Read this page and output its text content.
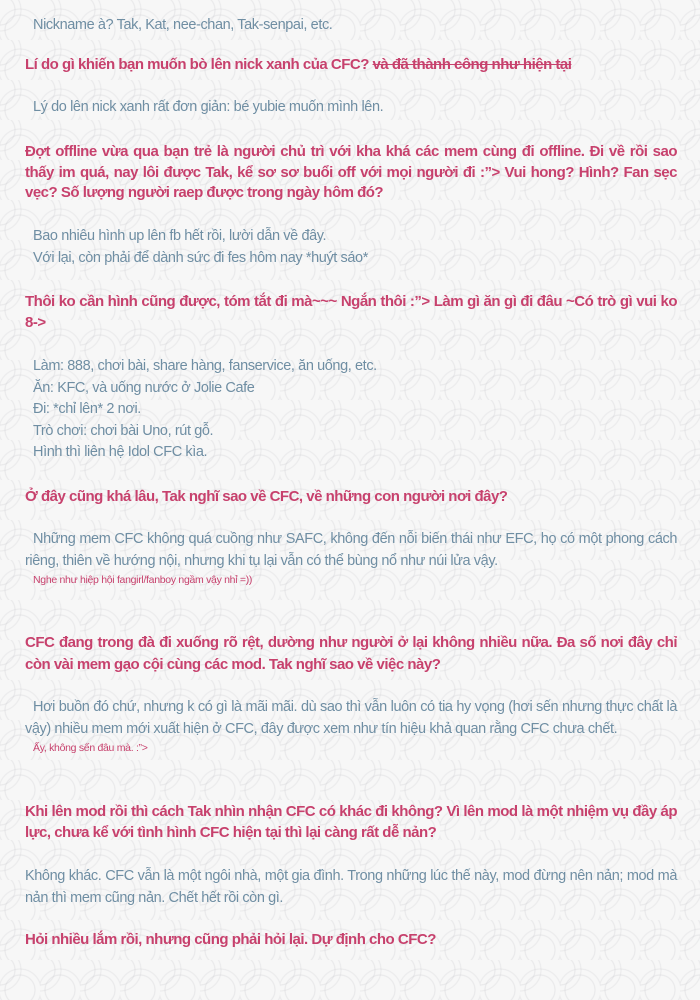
Nickname à? Tak, Kat, nee-chan, Tak-senpai, etc.
Lí do gì khiến bạn muốn bò lên nick xanh của CFC? và đã thành công như hiện tại
Lý do lên nick xanh rất đơn giản: bé yubie muốn mình lên.
Đợt offline vừa qua bạn trẻ là người chủ trì với kha khá các mem cùng đi offline. Đi về rồi sao thấy im quá, nay lôi được Tak, kể sơ sơ buổi off với mọi người đi :”> Vui hong? Hình? Fan sẹc vẹc? Số lượng người raep được trong ngày hôm đó?
Bao nhiêu hình up lên fb hết rồi, lười dẫn về đây.
Với lại, còn phải để dành sức đi fes hôm nay *huýt sáo*
Thôi ko cần hình cũng được, tóm tắt đi mà~~~ Ngắn thôi :”> Làm gì ăn gì đi đâu ~Có trò gì vui ko 8->
Làm: 888, chơi bài, share hàng, fanservice, ăn uống, etc.
Ăn: KFC, và uống nước ở Jolie Cafe
Đi: *chỉ lên* 2 nơi.
Trò chơi: chơi bài Uno, rút gỗ.
Hình thì liên hệ Idol CFC kìa.
Ở đây cũng khá lâu, Tak nghĩ sao về CFC, về những con người nơi đây?
Những mem CFC không quá cuồng như SAFC, không đến nỗi biến thái như EFC, họ có một phong cách riêng, thiên về hướng nội, nhưng khi tụ lại vẫn có thể bùng nổ như núi lửa vậy.
Nghe như hiệp hội fangirl/fanboy ngầm vậy nhỉ =))
CFC đang trong đà đi xuống rõ rệt, dường như người ở lại không nhiều nữa. Đa số nơi đây chỉ còn vài mem gạo cội cùng các mod. Tak nghĩ sao về việc này?
Hơi buồn đó chứ, nhưng k có gì là mãi mãi. dù sao thì vẫn luôn có tia hy vọng (hơi sến nhưng thực chất là vậy) nhiều mem mới xuất hiện ở CFC, đây được xem như tín hiệu khả quan rằng CFC chưa chết.
Ấy, không sến đâu mà. :”>
Khi lên mod rồi thì cách Tak nhìn nhận CFC có khác đi không? Vì lên mod là một nhiệm vụ đầy áp lực, chưa kể với tình hình CFC hiện tại thì lại càng rất dễ nản?
Không khác. CFC vẫn là một ngôi nhà, một gia đình. Trong những lúc thế này, mod đừng nên nản; mod mà nản thì mem cũng nản. Chết hết rồi còn gì.
Hỏi nhiều lắm rồi, nhưng cũng phải hỏi lại. Dự định cho CFC?
